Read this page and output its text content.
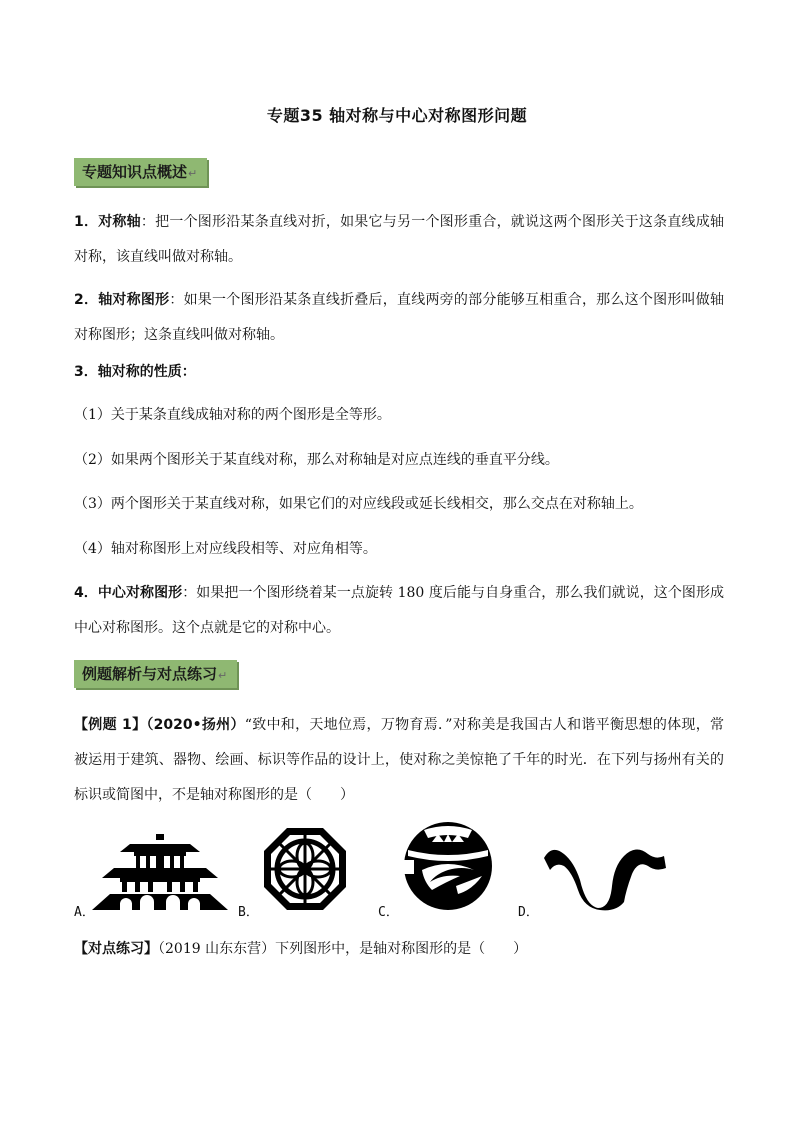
专题35 轴对称与中心对称图形问题
专题知识点概述↵
1．对称轴：把一个图形沿某条直线对折，如果它与另一个图形重合，就说这两个图形关于这条直线成轴对称，该直线叫做对称轴。
2．轴对称图形：如果一个图形沿某条直线折叠后，直线两旁的部分能够互相重合，那么这个图形叫做轴对称图形；这条直线叫做对称轴。
3．轴对称的性质：
（1）关于某条直线成轴对称的两个图形是全等形。
（2）如果两个图形关于某直线对称，那么对称轴是对应点连线的垂直平分线。
（3）两个图形关于某直线对称，如果它们的对应线段或延长线相交，那么交点在对称轴上。
（4）轴对称图形上对应线段相等、对应角相等。
4．中心对称图形：如果把一个图形绕着某一点旋转 180 度后能与自身重合，那么我们就说，这个图形成中心对称图形。这个点就是它的对称中心。
例题解析与对点练习↵
【例题 1】（2020•扬州）“致中和，天地位焉，万物育焉．”对称美是我国古人和谐平衡思想的体现，常被运用于建筑、器物、绘画、标识等作品的设计上，使对称之美惊艳了千年的时光．在下列与扬州有关的标识或简图中，不是轴对称图形的是（　　）
A．	B．	C．	D．
【对点练习】（2019 山东东营）下列图形中，是轴对称图形的是（　　）
